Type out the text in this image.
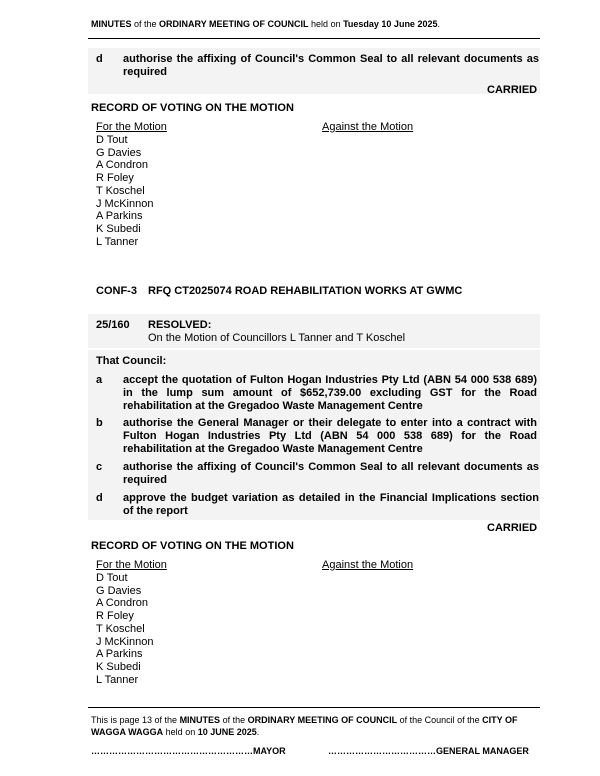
MINUTES of the ORDINARY MEETING OF COUNCIL held on Tuesday 10 June 2025.
d authorise the affixing of Council's Common Seal to all relevant documents as required
CARRIED
RECORD OF VOTING ON THE MOTION
For the Motion	Against the Motion
D Tout
G Davies
A Condron
R Foley
T Koschel
J McKinnon
A Parkins
K Subedi
L Tanner
CONF-3 RFQ CT2025074 ROAD REHABILITATION WORKS AT GWMC
25/160 RESOLVED:
On the Motion of Councillors L Tanner and T Koschel
That Council:
a accept the quotation of Fulton Hogan Industries Pty Ltd (ABN 54 000 538 689) in the lump sum amount of $652,739.00 excluding GST for the Road rehabilitation at the Gregadoo Waste Management Centre
b authorise the General Manager or their delegate to enter into a contract with Fulton Hogan Industries Pty Ltd (ABN 54 000 538 689) for the Road rehabilitation at the Gregadoo Waste Management Centre
c authorise the affixing of Council's Common Seal to all relevant documents as required
d approve the budget variation as detailed in the Financial Implications section of the report
CARRIED
RECORD OF VOTING ON THE MOTION
For the Motion	Against the Motion
D Tout
G Davies
A Condron
R Foley
T Koschel
J McKinnon
A Parkins
K Subedi
L Tanner
This is page 13 of the MINUTES of the ORDINARY MEETING OF COUNCIL of the Council of the CITY OF WAGGA WAGGA held on 10 JUNE 2025.
………………………………………………MAYOR	………………………………GENERAL MANAGER
